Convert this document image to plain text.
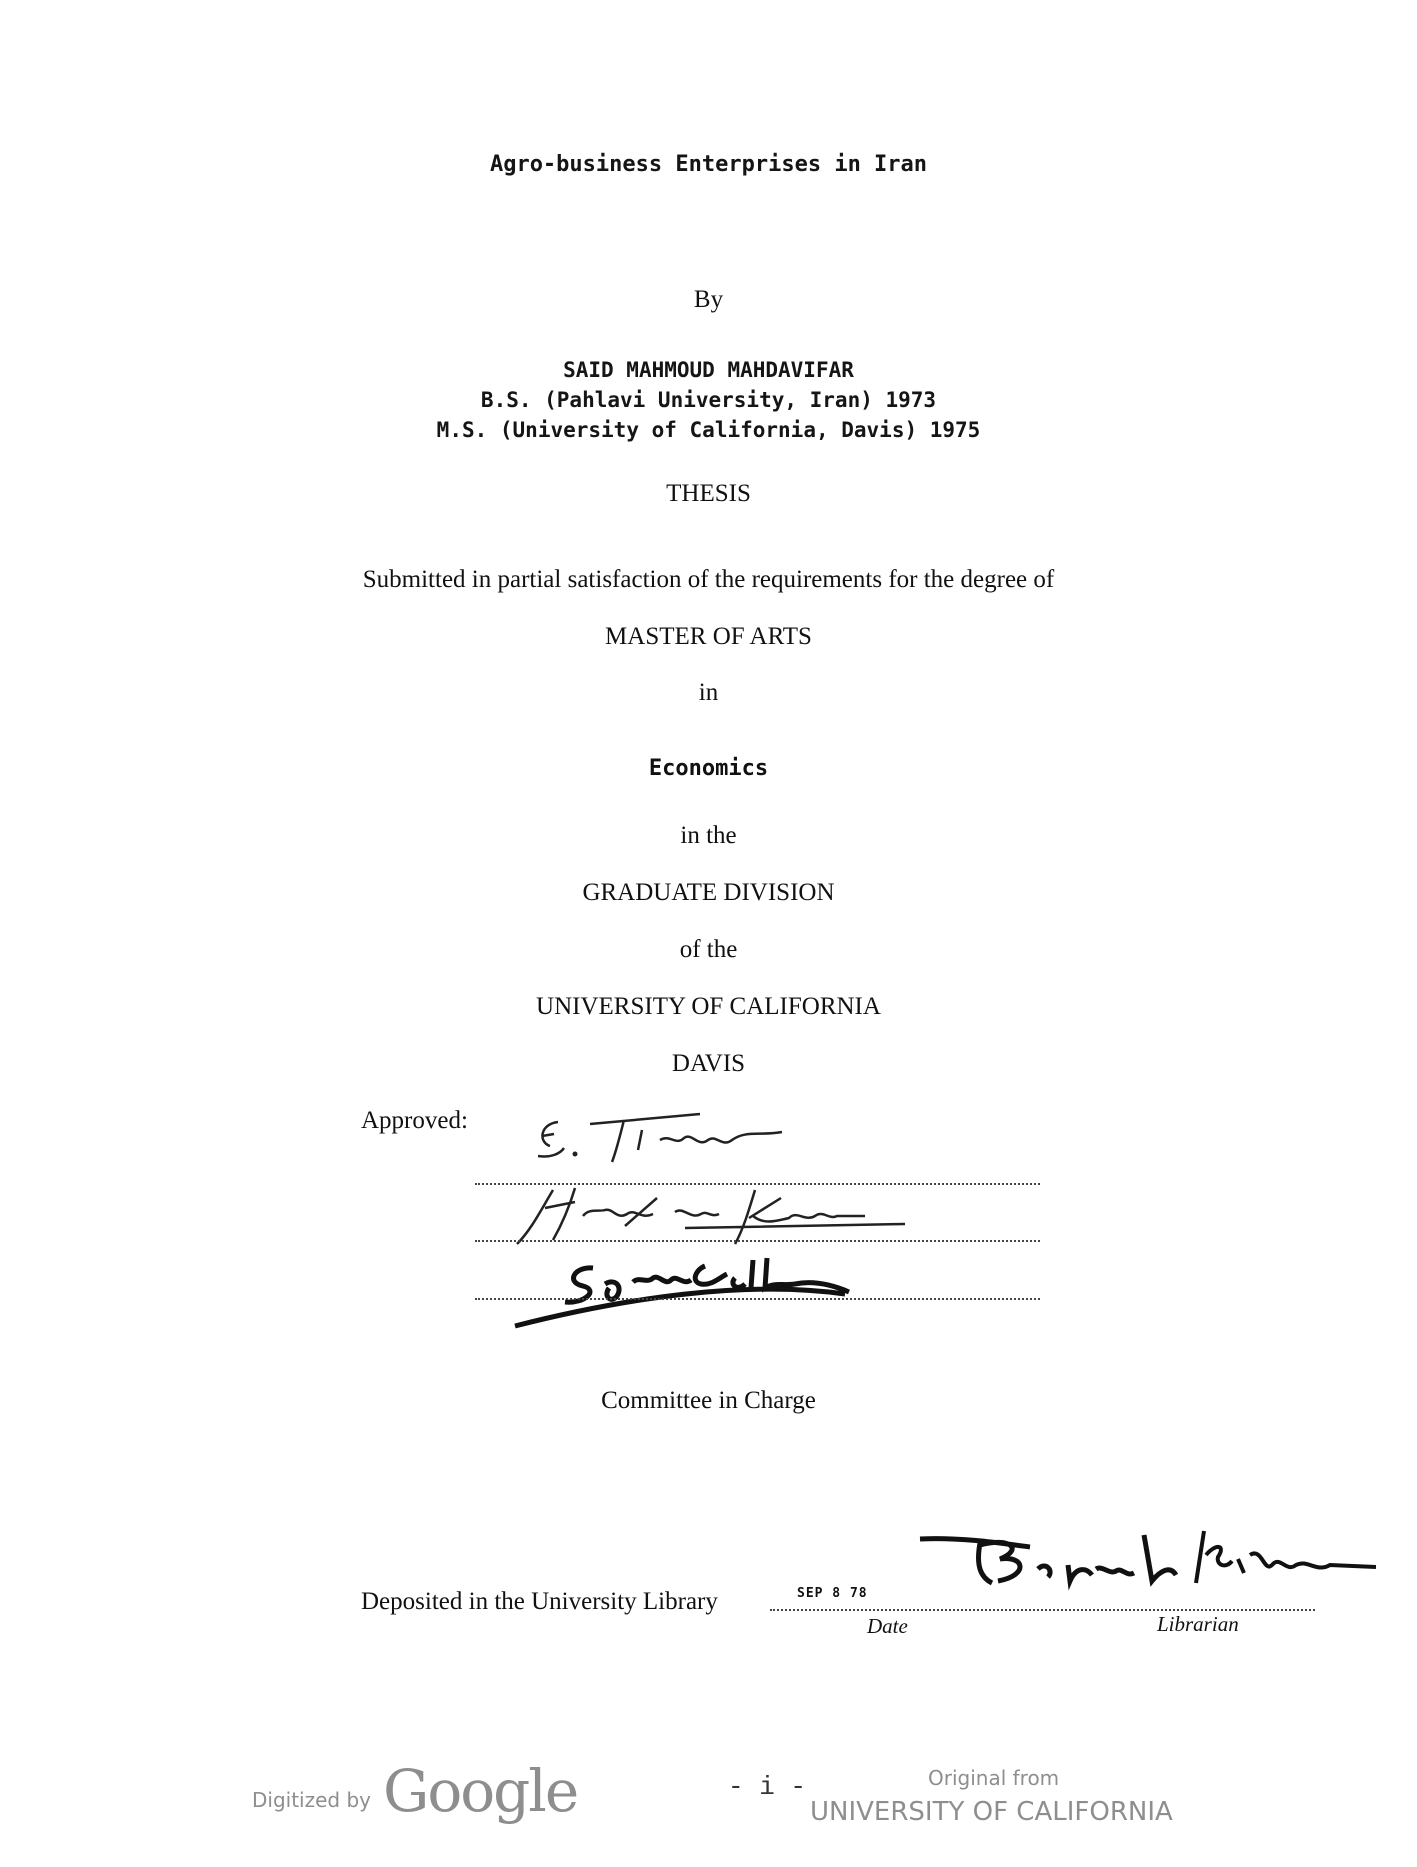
Agro-business Enterprises in Iran
By
SAID MAHMOUD MAHDAVIFAR
B.S. (Pahlavi University, Iran) 1973
M.S. (University of California, Davis) 1975
THESIS
Submitted in partial satisfaction of the requirements for the degree of
MASTER OF ARTS
in
Economics
in the
GRADUATE DIVISION
of the
UNIVERSITY OF CALIFORNIA
DAVIS
Approved:
Committee in Charge
Deposited in the University Library	SEP 8 78
Date	Librarian
Digitized by Google	- i -	Original from
UNIVERSITY OF CALIFORNIA
